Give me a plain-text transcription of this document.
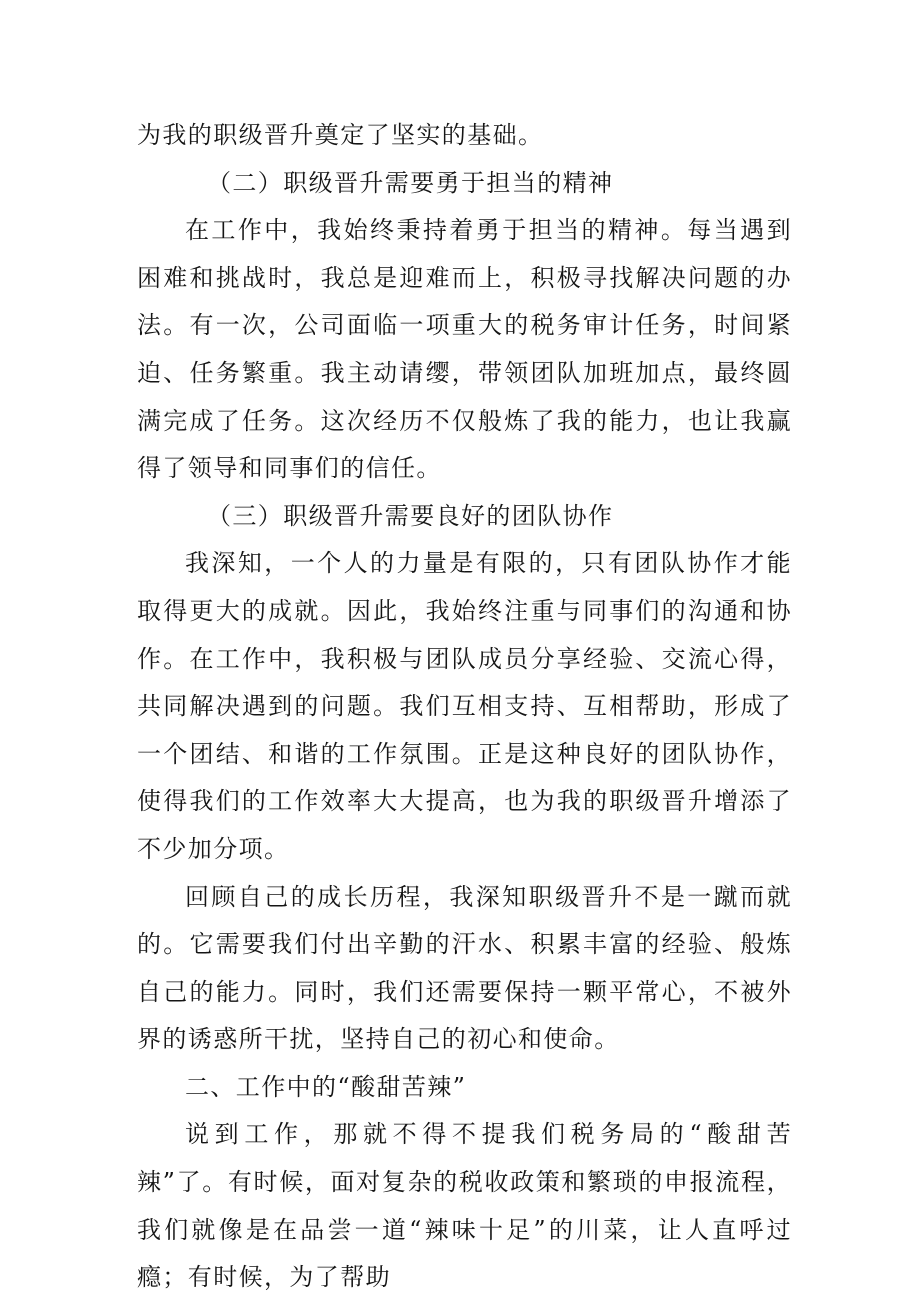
为我的职级晋升奠定了坚实的基础。

（二）职级晋升需要勇于担当的精神

在工作中，我始终秉持着勇于担当的精神。每当遇到困难和挑战时，我总是迎难而上，积极寻找解决问题的办法。有一次，公司面临一项重大的税务审计任务，时间紧迫、任务繁重。我主动请缨，带领团队加班加点，最终圆满完成了任务。这次经历不仅般炼了我的能力，也让我赢得了领导和同事们的信任。

（三）职级晋升需要良好的团队协作

我深知，一个人的力量是有限的，只有团队协作才能取得更大的成就。因此，我始终注重与同事们的沟通和协作。在工作中，我积极与团队成员分享经验、交流心得，共同解决遇到的问题。我们互相支持、互相帮助，形成了一个团结、和谐的工作氛围。正是这种良好的团队协作，使得我们的工作效率大大提高，也为我的职级晋升增添了不少加分项。

回顾自己的成长历程，我深知职级晋升不是一蹴而就的。它需要我们付出辛勤的汗水、积累丰富的经验、般炼自己的能力。同时，我们还需要保持一颗平常心，不被外界的诱惑所干扰，坚持自己的初心和使命。

二、工作中的“酸甜苦辣”

说到工作，那就不得不提我们税务局的“酸甜苦辣”了。有时候，面对复杂的税收政策和繁琐的申报流程，我们就像是在品尝一道“辣味十足”的川菜，让人直呼过瘾；有时候，为了帮助
